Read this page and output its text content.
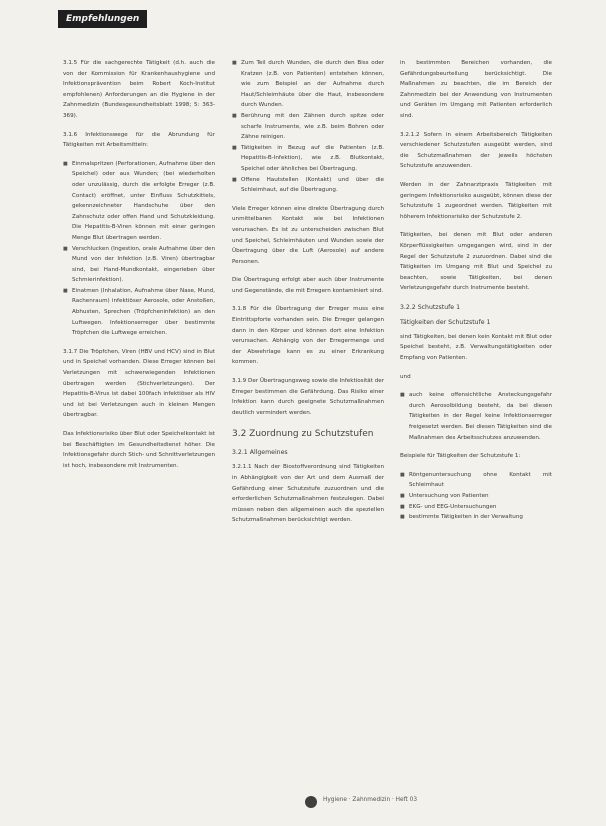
Empfehlungen

3.1.5 Für die sachgerechte Tätigkeit (d.h. auch die von der Kommission für Krankenhaushygiene und Infektionsprävention beim Robert Koch-Institut empfohlenen) Anforderungen an die Hygiene in der Zahnmedizin (Bundesgesundheitsblatt 1998; 5: 363-369).

3.1.6 Infektionswege für die Abrundung für Tätigkeiten mit Arbeitsmitteln:

■ Einmalspritzen (Perforationen, Aufnahme über den Speichel) oder aus Wunden; (bei wiederholten oder unzulässig, durch die erfolgte Erreger (z.B. Contact) eröffnet, unter Einfluss Schutzkittels, gekennzeichneter Handschuhe über den Zahnschutz oder offen Hand und Schutzkleidung. Die Hepatitis-B-Viren können mit einer geringen Menge Blut übertragen werden.
■ Verschlucken (Ingestion, orale Aufnahme über den Mund von der Infektion (z.B. Viren) übertragbar sind, bei Hand-Mundkontakt, eingerieben über Schmierinfektion).
■ Einatmen (Inhalation, Aufnahme über Nase, Mund, Rachenraum) infektiöser Aerosole, oder Anstoßen, Abhusten, Sprechen (Tröpfcheninfektion) an den Luftwegen. Infektionserreger über bestimmte Tröpfchen die Luftwege erreichen.

3.1.7 Die Tröpfchen, Viren (HBV und HCV) sind in Blut und in Speichel vorhanden. Diese Erreger können bei Verletzungen mit schwerwiegenden Infektionen übertragen werden (Stichverletzungen). Der Hepatitis-B-Virus ist dabei 100fach infektiöser als HIV und ist bei Verletzungen auch in kleinen Mengen übertragbar.

Das Infektionsrisiko über Blut oder Speichelkontakt ist bei Beschäftigten im Gesundheitsdienst höher. Die Infektionsgefahr durch Stich- und Schnittverletzungen ist hoch, insbesondere mit Instrumenten.

■ Zum Teil durch Wunden, die durch den Biss oder Kratzen (z.B. von Patienten) entstehen können, wie zum Beispiel an der Aufnahme durch Haut/Schleimhäute über die Haut, insbesondere durch Wunden.
■ Berührung mit den Zähnen durch spitze oder scharfe Instrumente, wie z.B. beim Bohren oder Zähne reinigen.
■ Tätigkeiten in Bezug auf die Patienten (z.B. Hepatitis-B-Infektion), wie z.B. Blutkontakt, Speichel oder ähnliches bei Übertragung.
■ Offene Hautstellen (Kontakt) und über die Schleimhaut, auf die Übertragung.

Viele Erreger können eine direkte Übertragung durch unmittelbaren Kontakt wie bei Infektionen verursachen. Es ist zu unterscheiden zwischen Blut und Speichel, Schleimhäuten und Wunden sowie der Übertragung über die Luft (Aerosole) auf andere Personen.

Die Übertragung erfolgt aber auch über Instrumente und Gegenstände, die mit Erregern kontaminiert sind.

3.1.8 Für die Übertragung der Erreger muss eine Eintrittspforte vorhanden sein. Die Erreger gelangen dann in den Körper und können dort eine Infektion verursachen. Abhängig von der Erregermenge und der Abwehrlage kann es zu einer Erkrankung kommen.

3.1.9 Der Übertragungsweg sowie die Infektiosität der Erreger bestimmen die Gefährdung. Das Risiko einer Infektion kann durch geeignete Schutzmaßnahmen deutlich vermindert werden.

3.2 Zuordnung zu Schutzstufen
3.2.1 Allgemeines

3.2.1.1 Nach der Biostoffverordnung sind Tätigkeiten in Abhängigkeit von der Art und dem Ausmaß der Gefährdung einer Schutzstufe zuzuordnen und die erforderlichen Schutzmaßnahmen festzulegen. Dabei müssen neben den allgemeinen auch die speziellen Schutzmaßnahmen berücksichtigt werden.

in bestimmten Bereichen vorhanden, die Gefährdungsbeurteilung berücksichtigt. Die Maßnahmen zu beachten, die im Bereich der Zahnmedizin bei der Anwendung von Instrumenten und Geräten im Umgang mit Patienten erforderlich sind.

3.2.1.2 Sofern in einem Arbeitsbereich Tätigkeiten verschiedener Schutzstufen ausgeübt werden, sind die Schutzmaßnahmen der jeweils höchsten Schutzstufe anzuwenden.

Werden in der Zahnarztpraxis Tätigkeiten mit geringem Infektionsrisiko ausgeübt, können diese der Schutzstufe 1 zugeordnet werden. Tätigkeiten mit höherem Infektionsrisiko der Schutzstufe 2.

Tätigkeiten, bei denen mit Blut oder anderen Körperflüssigkeiten umgegangen wird, sind in der Regel der Schutzstufe 2 zuzuordnen. Dabei sind die Tätigkeiten im Umgang mit Blut und Speichel zu beachten, sowie Tätigkeiten, bei denen Verletzungsgefahr durch Instrumente besteht.

3.2.2 Schutzstufe 1
Tätigkeiten der Schutzstufe 1

sind Tätigkeiten, bei denen kein Kontakt mit Blut oder Speichel besteht, z.B. Verwaltungstätigkeiten oder Empfang von Patienten.

und

■ auch keine offensichtliche Ansteckungsgefahr durch Aerosolbildung besteht, da bei diesen Tätigkeiten in der Regel keine Infektionserreger freigesetzt werden. Bei diesen Tätigkeiten sind die Maßnahmen des Arbeitsschutzes anzuwenden.

Beispiele für Tätigkeiten der Schutzstufe 1:

■ Röntgenuntersuchung ohne Kontakt mit Schleimhaut
■ Untersuchung von Patienten
■ EKG- und EEG-Untersuchungen
■ bestimmte Tätigkeiten in der Verwaltung
Hygiene · Zahnmedizin · Heft 03
